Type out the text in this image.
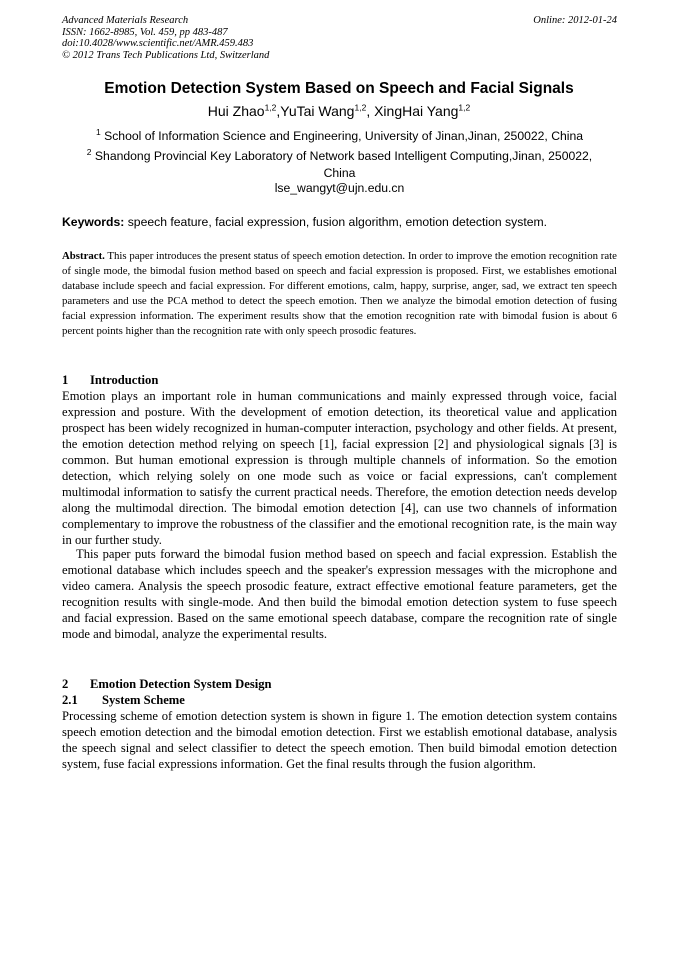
Advanced Materials Research
ISSN: 1662-8985, Vol. 459, pp 483-487
doi:10.4028/www.scientific.net/AMR.459.483
© 2012 Trans Tech Publications Ltd, Switzerland
Online: 2012-01-24
Emotion Detection System Based on Speech and Facial Signals
Hui Zhao$^{1,2}$,YuTai Wang$^{1,2}$, XingHai Yang$^{1,2}$
$^1$ School of Information Science and Engineering, University of Jinan,Jinan, 250022, China
$^2$ Shandong Provincial Key Laboratory of Network based Intelligent Computing,Jinan, 250022,
China
lse_wangyt@ujn.edu.cn
Keywords: speech feature, facial expression, fusion algorithm, emotion detection system.
Abstract. This paper introduces the present status of speech emotion detection. In order to improve the emotion recognition rate of single mode, the bimodal fusion method based on speech and facial expression is proposed. First, we establishes emotional database include speech and facial expression. For different emotions, calm, happy, surprise, anger, sad, we extract ten speech parameters and use the PCA method to detect the speech emotion. Then we analyze the bimodal emotion detection of fusing facial expression information. The experiment results show that the emotion recognition rate with bimodal fusion is about 6 percent points higher than the recognition rate with only speech prosodic features.
1 Introduction
Emotion plays an important role in human communications and mainly expressed through voice, facial expression and posture. With the development of emotion detection, its theoretical value and application prospect has been widely recognized in human-computer interaction, psychology and other fields. At present, the emotion detection method relying on speech [1], facial expression [2] and physiological signals [3] is common. But human emotional expression is through multiple channels of information. So the emotion detection, which relying solely on one mode such as voice or facial expressions, can't complement multimodal information to satisfy the current practical needs. Therefore, the emotion detection needs develop along the multimodal direction. The bimodal emotion detection [4], can use two channels of information complementary to improve the robustness of the classifier and the emotional recognition rate, is the main way in our further study.
This paper puts forward the bimodal fusion method based on speech and facial expression. Establish the emotional database which includes speech and the speaker's expression messages with the microphone and video camera. Analysis the speech prosodic feature, extract effective emotional feature parameters, get the recognition results with single-mode. And then build the bimodal emotion detection system to fuse speech and facial expression. Based on the same emotional speech database, compare the recognition rate of single mode and bimodal, analyze the experimental results.
2 Emotion Detection System Design
2.1 System Scheme
Processing scheme of emotion detection system is shown in figure 1. The emotion detection system contains speech emotion detection and the bimodal emotion detection. First we establish emotional database, analysis the speech signal and select classifier to detect the speech emotion. Then build bimodal emotion detection system, fuse facial expressions information. Get the final results through the fusion algorithm.
